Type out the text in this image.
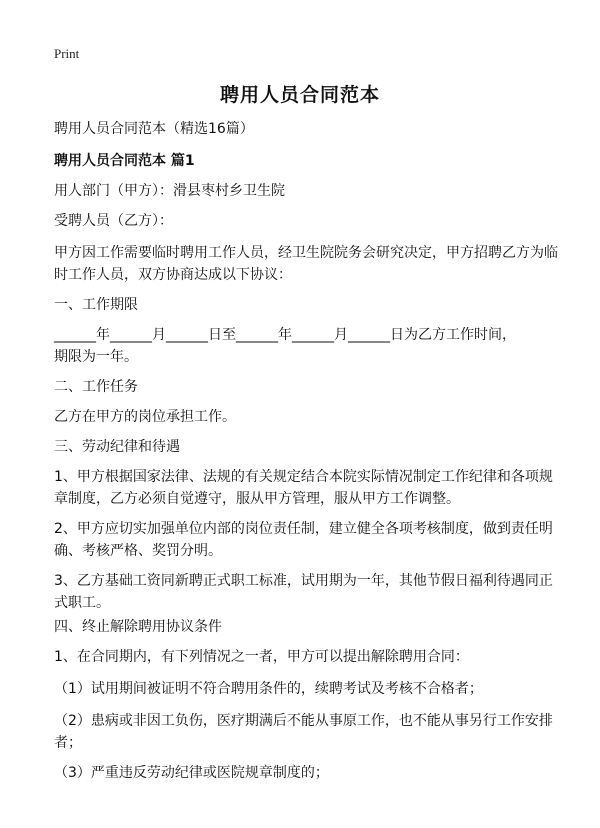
Print
聘用人员合同范本
聘用人员合同范本（精选16篇）
聘用人员合同范本 篇1
用人部门（甲方）：滑县枣村乡卫生院
受聘人员（乙方）：
甲方因工作需要临时聘用工作人员，经卫生院院务会研究决定，甲方招聘乙方为临
时工作人员，双方协商达成以下协议：
一、工作期限
______年______月______日至______年______月______日为乙方工作时间，
期限为一年。
二、工作任务
乙方在甲方的岗位承担工作。
三、劳动纪律和待遇
1、甲方根据国家法律、法规的有关规定结合本院实际情况制定工作纪律和各项规
章制度，乙方必须自觉遵守，服从甲方管理，服从甲方工作调整。
2、甲方应切实加强单位内部的岗位责任制，建立健全各项考核制度，做到责任明
确、考核严格、奖罚分明。
3、乙方基础工资同新聘正式职工标准，试用期为一年，其他节假日福利待遇同正
式职工。
四、终止解除聘用协议条件
1、在合同期内，有下列情况之一者，甲方可以提出解除聘用合同：
（1）试用期间被证明不符合聘用条件的，续聘考试及考核不合格者；
（2）患病或非因工负伤，医疗期满后不能从事原工作，也不能从事另行工作安排
者；
（3）严重违反劳动纪律或医院规章制度的；
